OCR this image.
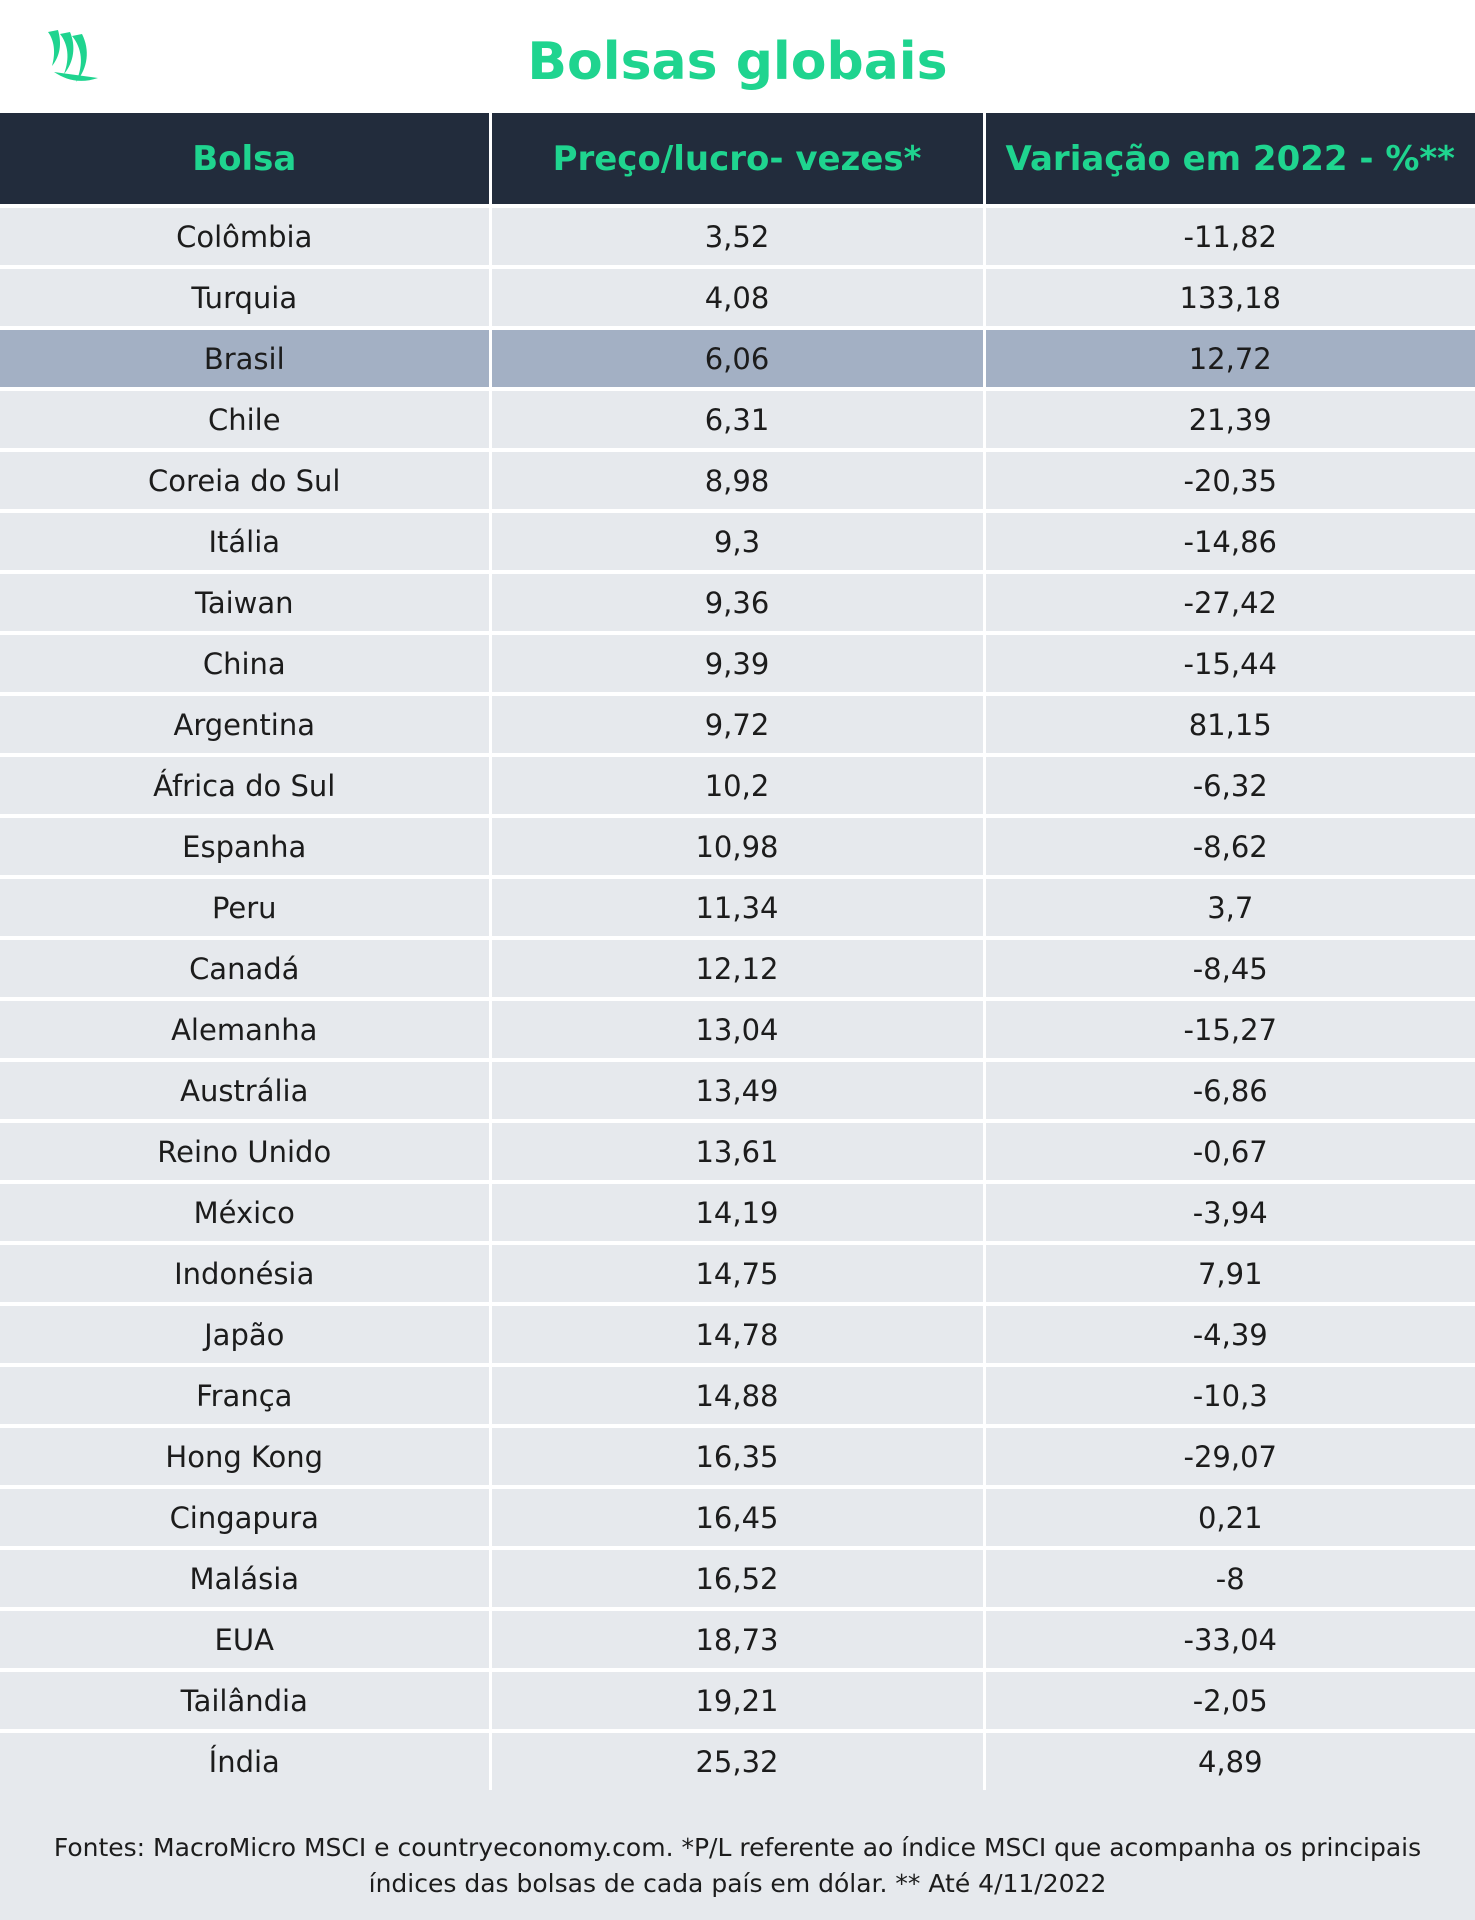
Bolsas globais
Bolsa	Preço/lucro- vezes*	Variação em 2022 - %**
Colômbia	3,52	-11,82
Turquia	4,08	133,18
Brasil	6,06	12,72
Chile	6,31	21,39
Coreia do Sul	8,98	-20,35
Itália	9,3	-14,86
Taiwan	9,36	-27,42
China	9,39	-15,44
Argentina	9,72	81,15
África do Sul	10,2	-6,32
Espanha	10,98	-8,62
Peru	11,34	3,7
Canadá	12,12	-8,45
Alemanha	13,04	-15,27
Austrália	13,49	-6,86
Reino Unido	13,61	-0,67
México	14,19	-3,94
Indonésia	14,75	7,91
Japão	14,78	-4,39
França	14,88	-10,3
Hong Kong	16,35	-29,07
Cingapura	16,45	0,21
Malásia	16,52	-8
EUA	18,73	-33,04
Tailândia	19,21	-2,05
Índia	25,32	4,89
Fontes: MacroMicro MSCI e countryeconomy.com. *P/L referente ao índice MSCI que acompanha os principais
índices das bolsas de cada país em dólar. ** Até 4/11/2022
